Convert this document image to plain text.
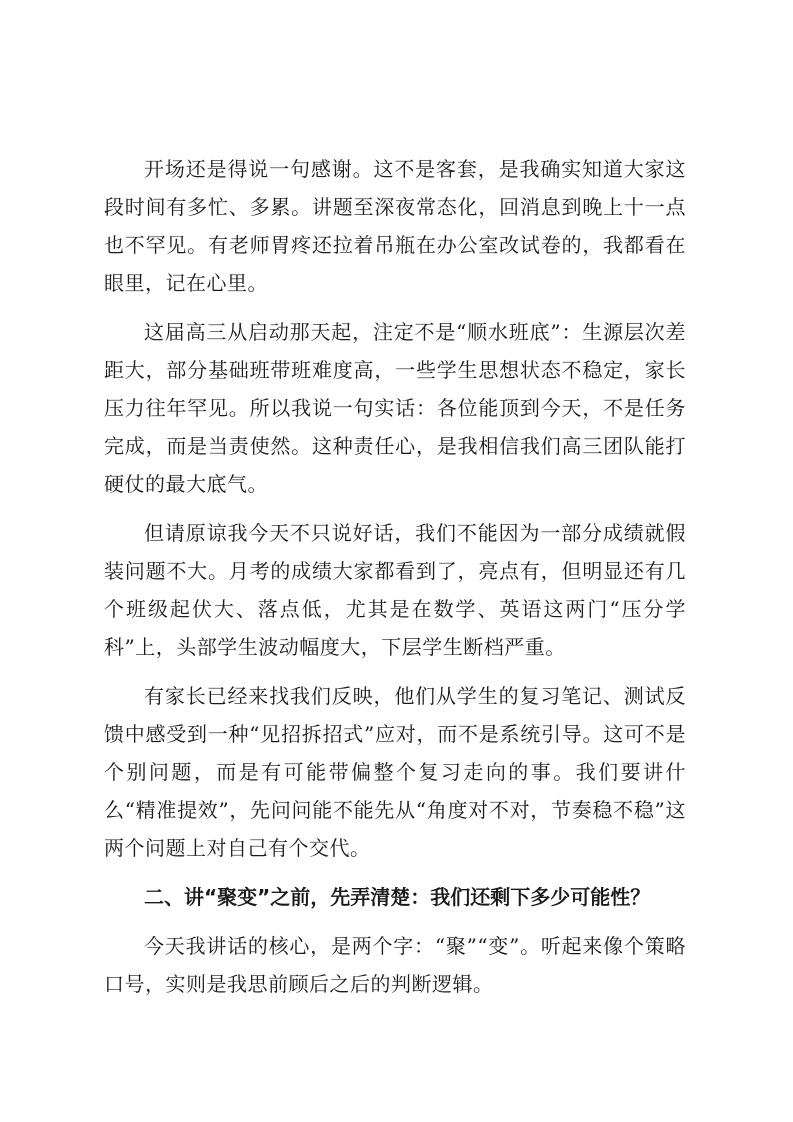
开场还是得说一句感谢。这不是客套，是我确实知道大家这段时间有多忙、多累。讲题至深夜常态化，回消息到晚上十一点也不罕见。有老师胃疼还拉着吊瓶在办公室改试卷的，我都看在眼里，记在心里。

这届高三从启动那天起，注定不是“顺水班底”：生源层次差距大，部分基础班带班难度高，一些学生思想状态不稳定，家长压力往年罕见。所以我说一句实话：各位能顶到今天，不是任务完成，而是当责使然。这种责任心，是我相信我们高三团队能打硬仗的最大底气。

但请原谅我今天不只说好话，我们不能因为一部分成绩就假装问题不大。月考的成绩大家都看到了，亮点有，但明显还有几个班级起伏大、落点低，尤其是在数学、英语这两门“压分学科”上，头部学生波动幅度大，下层学生断档严重。

有家长已经来找我们反映，他们从学生的复习笔记、测试反馈中感受到一种“见招拆招式”应对，而不是系统引导。这可不是个别问题，而是有可能带偏整个复习走向的事。我们要讲什么“精准提效”，先问问能不能先从“角度对不对，节奏稳不稳”这两个问题上对自己有个交代。

二、讲“聚变”之前，先弄清楚：我们还剩下多少可能性？

今天我讲话的核心，是两个字：“聚”“变”。听起来像个策略口号，实则是我思前顾后之后的判断逻辑。
